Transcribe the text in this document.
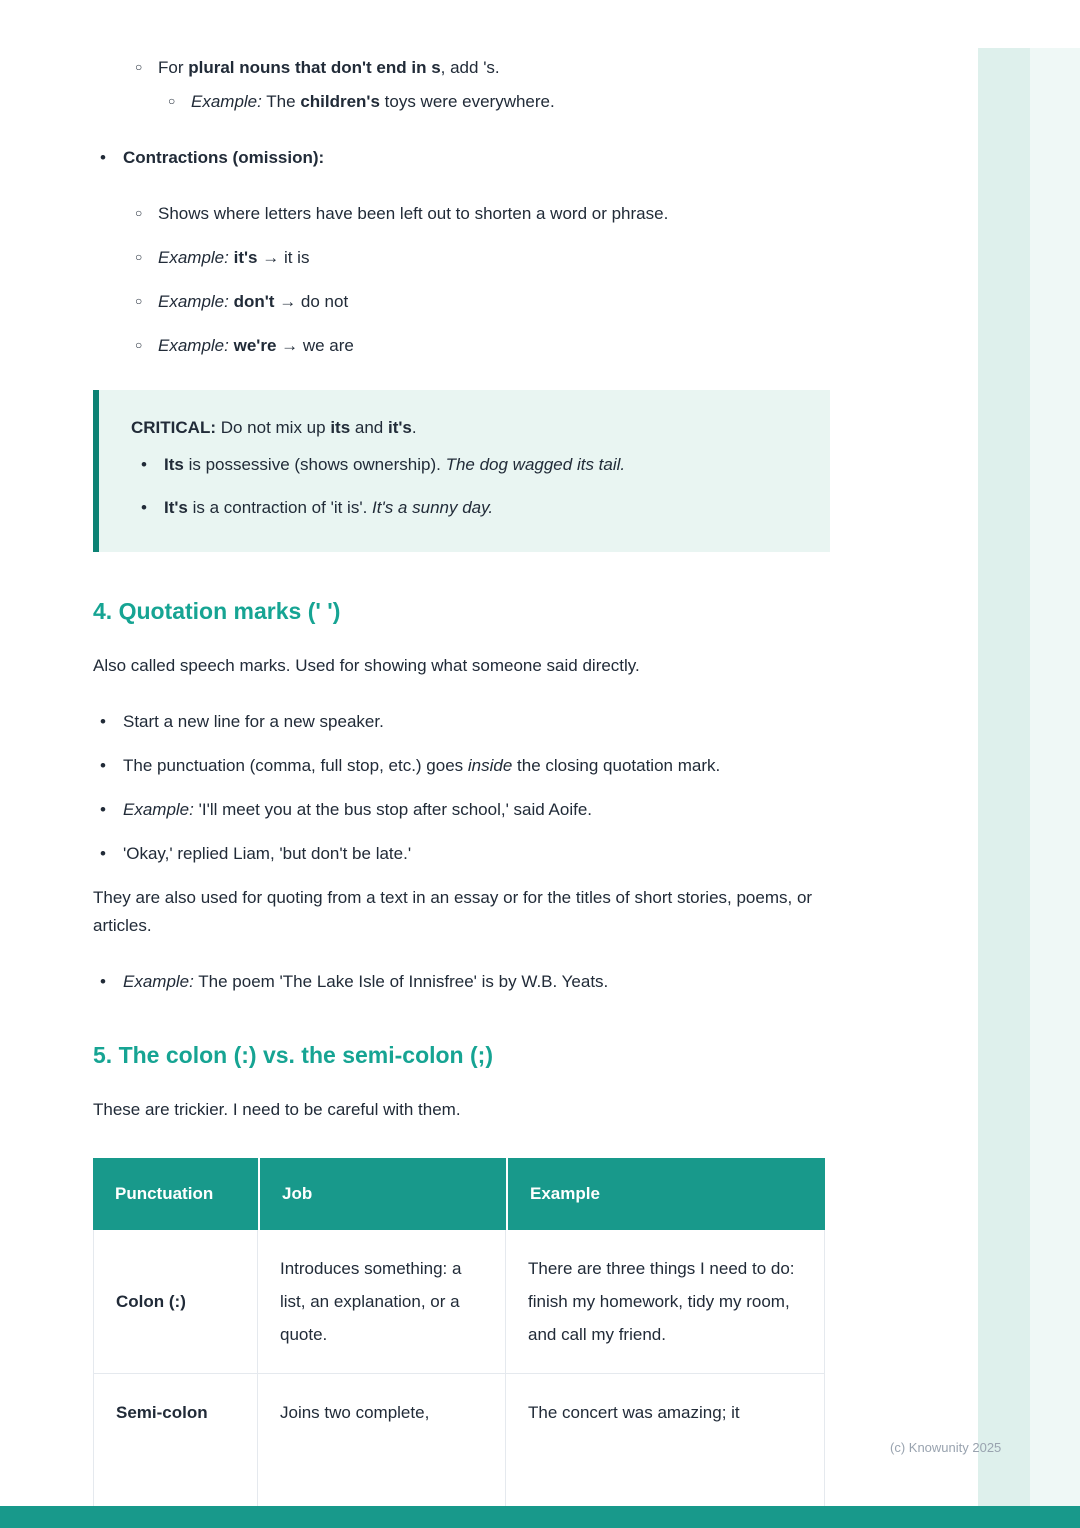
○

For plural nouns that don't end in s, add 's.

○

Example: The children's toys were everywhere.

•

Contractions (omission):

○

Shows where letters have been left out to shorten a word or phrase.

○

Example: it's → it is

○

Example: don't → do not

○

Example: we're → we are

CRITICAL: Do not mix up its and it's.

•

Its is possessive (shows ownership). The dog wagged its tail.

•

It's is a contraction of 'it is'. It's a sunny day.

4. Quotation marks (' ')

Also called speech marks. Used for showing what someone said directly.

•

Start a new line for a new speaker.

•

The punctuation (comma, full stop, etc.) goes inside the closing quotation mark.

•

Example: 'I'll meet you at the bus stop after school,' said Aoife.

•

'Okay,' replied Liam, 'but don't be late.'

They are also used for quoting from a text in an essay or for the titles of short stories, poems, or articles.

•

Example: The poem 'The Lake Isle of Innisfree' is by W.B. Yeats.

5. The colon (:) vs. the semi-colon (;)

These are trickier. I need to be careful with them.

Punctuation	Job	Example
Colon (:)	Introduces something: a list, an explanation, or a quote.	There are three things I need to do: finish my homework, tidy my room, and call my friend.
Semi-colon	Joins two complete,	The concert was amazing; it
(c) Knowunity 2025
